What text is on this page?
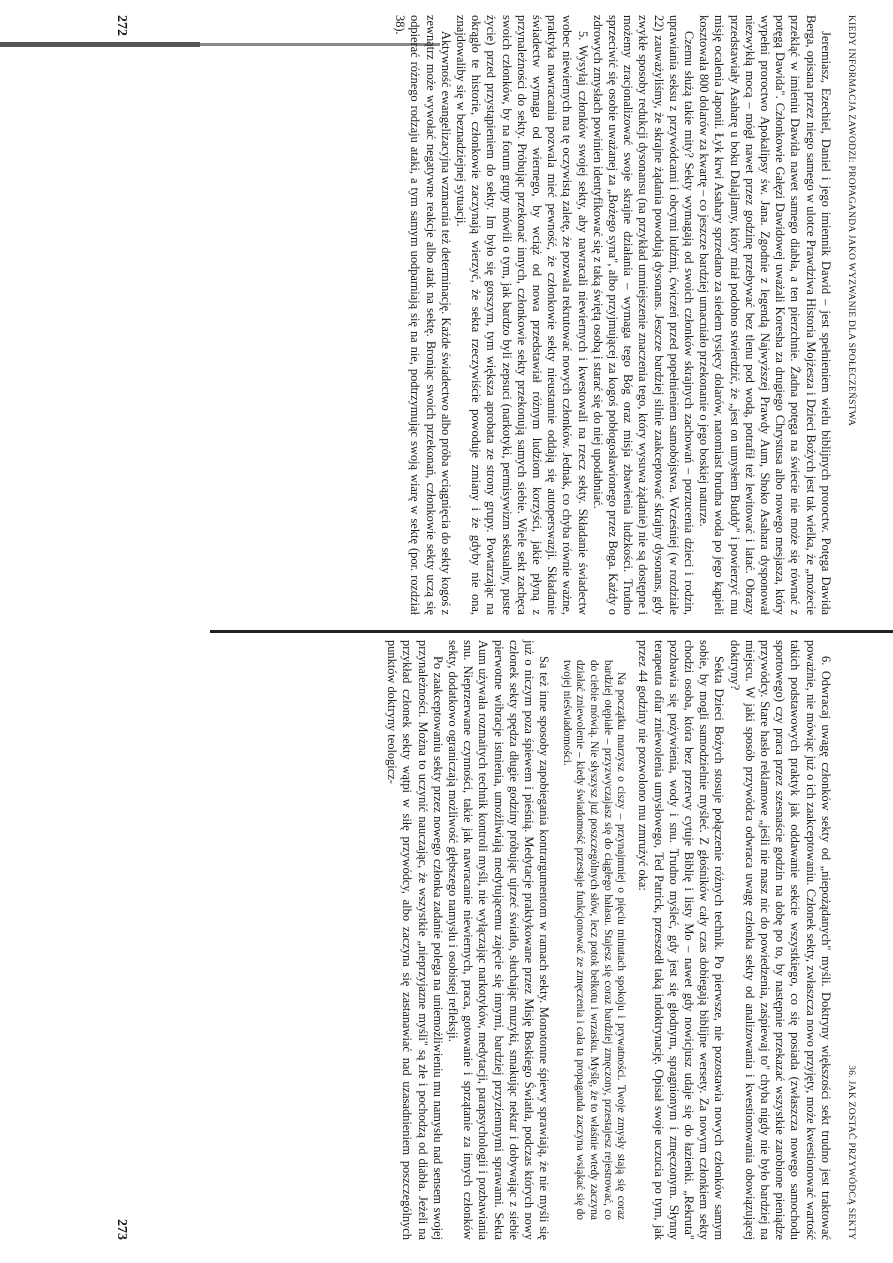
KIEDY INFORMACJA ZAWODZI: PROPAGANDA JAKO WYZWANIE DLA SPOŁECZEŃSTWA

Jeremiasz, Ezechiel, Daniel i jego imiennik Dawid – jest spełnieniem wielu biblijnych proroctw. Potęga Dawida Berga, opisana przez niego samego w ulotce Prawdziwa Historia Mojżesza i Dzieci Bożych jest tak wielka, że „możecie przekląć w imieniu Dawida nawet samego diabła, a ten pierzchnie. Żadna potęga na świecie nie może się równać z potęgą Dawida". Członkowie Gałęzi Dawidowej uważali Koresha za drugiego Chrystusa albo nowego mesjasza, który wypełni proroctwo Apokalipsy św. Jana. Zgodnie z legendą Najwyższej Prawdy Aum, Shoko Asahara dysponował niezwykłą mocą – mógł nawet przez godzinę przebywać bez tlenu pod wodą, potrafił też lewitować i latać. Obrazy przedstawiały Asaharę u boku Dalajlamy, który miał podobno stwierdzić, że „jest on umysłem Buddy" i powierzyć mu misję ocalenia Japonii. Łyk krwi Asahary sprzedano za siedem tysięcy dolarów, natomiast brudna woda po jego kąpieli kosztowała 800 dolarów za kwartę – co jeszcze bardziej umacniało przekonanie o jego boskiej naturze.

Czemu służą takie mity? Sekty wymagają od swoich członków skrajnych zachowań – porzucenia dzieci i rodzin, uprawiania seksu z przywódcami i obcymi ludźmi, ćwiczeń przed popełnieniem samobójstwa. Wcześniej (w rozdziale 22) zauważyliśmy, że skrajne żądania powodują dysonans. Jeszcze bardziej silnie zaakceptować skrajny dysonans, gdy zwykłe sposoby redukcji dysonansu (na przykład umniejszenie znaczenia tego, który wysuwa żądanie) nie są dostępne i możemy zracjonalizować swoje skrajne działania – wymaga tego Bóg oraz misja zbawienia ludzkości. Trudno sprzeciwić się osobie uważanej za „Bożego syna", albo przyjmującej za kogoś pobłogosławionego przez Boga. Każdy o zdrowych zmysłach powinien identyfikować się z taką świętą osobą i starać się do niej upodabniać.

5. Wysyłaj członków swojej sekty, aby nawracali niewiernych i kwestowali na rzecz sekty. Składanie świadectw wobec niewiernych ma tę oczywistą zaletę, że pozwala rekrutować nowych członków. Jednak, co chyba równie ważne, praktyka nawracania pozwala mieć pewność, że członkowie sekty nieustannie oddają się autoperswazji. Składanie świadectw wymaga od wiernego, by wciąż od nowa przedstawiał różnym ludziom korzyści, jakie płyną z przynależności do sekty. Próbując przekonać innych, członkowie sekty przekonują samych siebie. Wiele sekt zachęca swoich członków, by na forum grupy mówili o tym, jak bardzo byli zepsuci (narkotyki, permisywizm seksualny, puste życie) przed przystąpieniem do sekty. Im było się gorszym, tym większa aprobata ze strony grupy. Powtarzając na okrągło te historie, członkowie zaczynają wierzyć, że sekta rzeczywiście powoduje zmiany i że gdyby nie ona, znajdowaliby się w beznadziejnej sytuacji.

Aktywność ewangelizacyjna wzmacnia też determinację. Każde świadectwo albo próba wciągnięcia do sekty kogoś z zewnątrz może wywołać negatywne reakcje albo atak na sektę. Broniąc swoich przekonań, członkowie sekty uczą się odpierać różnego rodzaju ataki, a tym samym uodparniają się na nie, podtrzymując swoją wiarę w sektę (por. rozdział 38).

272
36. JAK ZOSTAĆ PRZYWÓDCĄ SEKTY

6. Odwracaj uwagę członków sekty od „niepożądanych" myśli. Doktryny większości sekt trudno jest traktować poważnie, nie mówiąc już o ich zaakceptowaniu. Członek sekty, zwłaszcza nowo przyjęty, może kwestionować wartość takich podstawowych praktyk jak oddawanie sekcie wszystkiego, co się posiada (zwłaszcza nowego samochodu sportowego) czy praca przez szesnaście godzin na dobę po to, by następnie przekazać wszystkie zarobione pieniądze przywódcy. Stare hasło reklamowe „jeśli nie masz nic do powiedzenia, zaśpiewaj to" chyba nigdy nie było bardziej na miejscu. W jaki sposób przywódca odwraca uwagę członka sekty od analizowania i kwestionowania obowiązującej doktryny?

Sekta Dzieci Bożych stosuje połączenie różnych technik. Po pierwsze, nie pozostawia nowych członków samym sobie, by mogli samodzielnie myśleć. Z głośników cały czas dobiegają biblijne wersety. Za nowym członkiem sekty chodzi osoba, która bez przerwy cytuje Biblię i listy Mo – nawet gdy nowicjusz udaje się do łazienki. „Rekruta" pozbawia się pożywienia, wody i snu. Trudno myśleć, gdy jest się głodnym, spragnionym i zmęczonym. Słynny terapeuta ofiar zniewolenia umysłowego, Ted Patrick, przeszedł taką indoktrynację. Opisał swoje uczucia po tym, jak przez 44 godziny nie pozwolono mu zmrużyć oka:

Na początku marzysz o ciszy – przynajmniej o pięciu minutach spokoju i prywatności. Twoje zmysły stają się coraz bardziej otępiałe – przyzwyczajasz się do ciągłego hałasu. Stajesz się coraz bardziej zmęczony, przestajesz rejestrować, co do ciebie mówią. Nie słyszysz już poszczególnych słów, lecz potok bełkotu i wrzasku. Myślę, że to właśnie wtedy zaczyna działać zniewolenie – kiedy świadomość przestaje funkcjonować ze zmęczenia i cała ta propaganda zaczyna wsiąkać się do twojej nieświadomości.

Sa też inne sposoby zapobiegania kontrargumentom w ramach sekty. Monotonne śpiewy sprawiają, że nie myśli się już o niczym poza śpiewem i pieśnią. Medytacje praktykowane przez Misję Boskiego Światła, podczas których nowy członek sekty spędza długie godziny próbując ujrzeć światło, słuchając muzyki, smakując nektar i dobywając z siebie pierwotne wibracje istnienia, umożliwiają medytującemu zajęcie się innymi, bardziej przyziemnymi sprawami. Sekta Aum używała rozmaitych technik kontroli myśli, nie wyłączając narkotyków, medytacji, parapsychologii i pozbawiania snu. Nieprzerwane czynności, takie jak nawracanie niewiernych, praca, gotowanie i sprzątanie za innych członków sekty, dodatkowo ograniczają możliwość głębszego namysłu i osobistej refleksji.

Po zaakceptowaniu sekty przez nowego członka zadanie polega na uniemożliwieniu mu namysłu nad sensem swojej przynależności. Można to uczynić nauczając, że wszystkie „nieprzyjazne myśli" są złe i pochodzą od diabła. Jeżeli na przykład członek sekty wątpi w siłę przywódcy, albo zaczyna się zastanawiać nad uzasadnieniem poszczególnych punktów doktryny teologicz-

273
